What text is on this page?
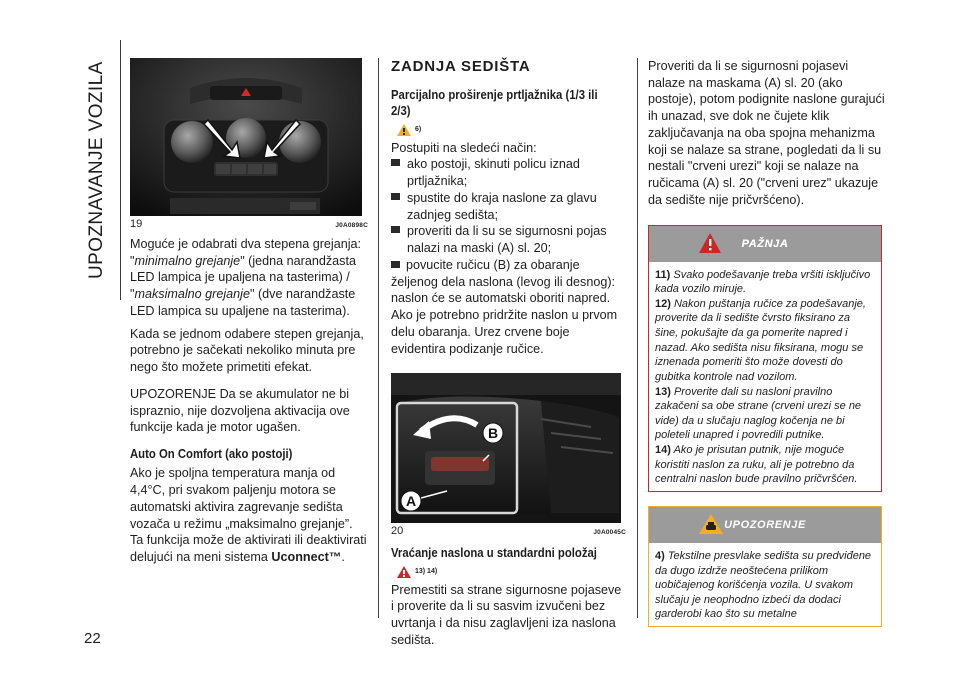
UPOZNAVANJE VOZILA
22
19	J0A0898C

Moguće je odabrati dva stepena grejanja: "minimalno grejanje" (jedna narandžasta LED lampica je upaljena na tasterima) / "maksimalno grejanje" (dve narandžaste LED lampica su upaljene na tasterima).

Kada se jednom odabere stepen grejanja, potrebno je sačekati nekoliko minuta pre nego što možete primetiti efekat.

UPOZORENJE Da se akumulator ne bi ispraznio, nije dozvoljena aktivacija ove funkcije kada je motor ugašen.

Auto On Comfort (ako postoji)

Ako je spoljna temperatura manja od 4,4°C, pri svakom paljenju motora se automatski aktivira zagrevanje sedišta vozača u režimu „maksimalno grejanje”. Ta funkcija može de aktivirati ili deaktivirati delujući na meni sistema Uconnect™.

ZADNJA SEDIŠTA

Parcijalno proširenje prtljažnika (1/3 ili 2/3)

6)

Postupiti na sledeći način:

ako postoji, skinuti policu iznad prtljažnika;

spustite do kraja naslone za glavu zadnjeg sedišta;

proveriti da li su se sigurnosni pojas nalazi na maski (A) sl. 20;

povucite ručicu (B) za obaranje željenog dela naslona (levog ili desnog): naslon će se automatski oboriti napred. Ako je potrebno pridržite naslon u prvom delu obaranja. Urez crvene boje evidentira podizanje ručice.

B
A
20	J0A0045C

Vraćanje naslona u standardni položaj

13) 14)

Premestiti sa strane sigurnosne pojaseve i proverite da li su sasvim izvučeni bez uvrtanja i da nisu zaglavljeni iza naslona sedišta.

Proveriti da li se sigurnosni pojasevi nalaze na maskama (A) sl. 20 (ako postoje), potom podignite naslone gurajući ih unazad, sve dok ne čujete klik zaključavanja na oba spojna mehanizma koji se nalaze sa strane, pogledati da li su nestali "crveni urezi" koji se nalaze na ručicama (A) sl. 20 ("crveni urez" ukazuje da sedište nije pričvršćeno).

PAŽNJA

11) Svako podešavanje treba vršiti isključivo kada vozilo miruje.

12) Nakon puštanja ručice za podešavanje, proverite da li sedište čvrsto fiksirano za šine, pokušajte da ga pomerite napred i nazad. Ako sedišta nisu fiksirana, mogu se iznenada pomeriti što može dovesti do gubitka kontrole nad vozilom.

13) Proverite dali su nasloni pravilno zakačeni sa obe strane (crveni urezi se ne vide) da u slučaju naglog kočenja ne bi poleteli unapred i povredili putnike.

14) Ako je prisutan putnik, nije moguće koristiti naslon za ruku, ali je potrebno da centralni naslon bude pravilno pričvršćen.

UPOZORENJE

4) Tekstilne presvlake sedišta su predviđene da dugo izdrže neoštećena prilikom uobičajenog korišćenja vozila. U svakom slučaju je neophodno izbeći da dodaci garderobi kao što su metalne
